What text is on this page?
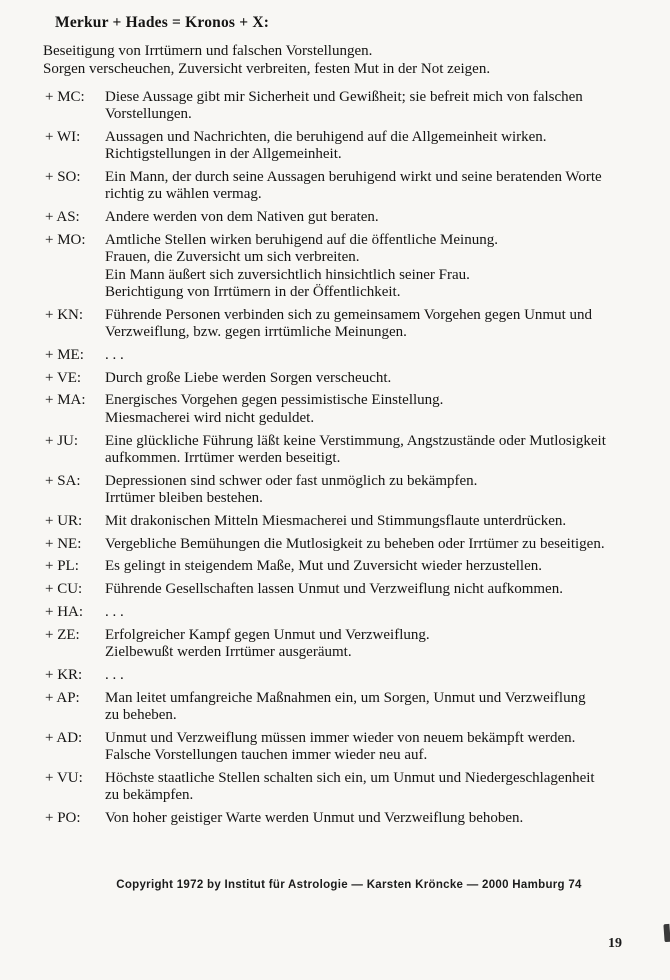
Merkur + Hades = Kronos + X:
Beseitigung von Irrtümern und falschen Vorstellungen.
Sorgen verscheuchen, Zuversicht verbreiten, festen Mut in der Not zeigen.
+ MC:	Diese Aussage gibt mir Sicherheit und Gewißheit; sie befreit mich von falschen
Vorstellungen.
+ WI:	Aussagen und Nachrichten, die beruhigend auf die Allgemeinheit wirken.
Richtigstellungen in der Allgemeinheit.
+ SO:	Ein Mann, der durch seine Aussagen beruhigend wirkt und seine beratenden Worte
richtig zu wählen vermag.
+ AS:	Andere werden von dem Nativen gut beraten.
+ MO:	Amtliche Stellen wirken beruhigend auf die öffentliche Meinung.
Frauen, die Zuversicht um sich verbreiten.
Ein Mann äußert sich zuversichtlich hinsichtlich seiner Frau.
Berichtigung von Irrtümern in der Öffentlichkeit.
+ KN:	Führende Personen verbinden sich zu gemeinsamem Vorgehen gegen Unmut und
Verzweiflung, bzw. gegen irrtümliche Meinungen.
+ ME:	. . .
+ VE:	Durch große Liebe werden Sorgen verscheucht.
+ MA:	Energisches Vorgehen gegen pessimistische Einstellung.
Miesmacherei wird nicht geduldet.
+ JU:	Eine glückliche Führung läßt keine Verstimmung, Angstzustände oder Mutlosigkeit
aufkommen. Irrtümer werden beseitigt.
+ SA:	Depressionen sind schwer oder fast unmöglich zu bekämpfen.
Irrtümer bleiben bestehen.
+ UR:	Mit drakonischen Mitteln Miesmacherei und Stimmungsflaute unterdrücken.
+ NE:	Vergebliche Bemühungen die Mutlosigkeit zu beheben oder Irrtümer zu beseitigen.
+ PL:	Es gelingt in steigendem Maße, Mut und Zuversicht wieder herzustellen.
+ CU:	Führende Gesellschaften lassen Unmut und Verzweiflung nicht aufkommen.
+ HA:	. . .
+ ZE:	Erfolgreicher Kampf gegen Unmut und Verzweiflung.
Zielbewußt werden Irrtümer ausgeräumt.
+ KR:	. . .
+ AP:	Man leitet umfangreiche Maßnahmen ein, um Sorgen, Unmut und Verzweiflung
zu beheben.
+ AD:	Unmut und Verzweiflung müssen immer wieder von neuem bekämpft werden.
Falsche Vorstellungen tauchen immer wieder neu auf.
+ VU:	Höchste staatliche Stellen schalten sich ein, um Unmut und Niedergeschlagenheit
zu bekämpfen.
+ PO:	Von hoher geistiger Warte werden Unmut und Verzweiflung behoben.
Copyright 1972 by Institut für Astrologie — Karsten Kröncke — 2000 Hamburg 74
19
